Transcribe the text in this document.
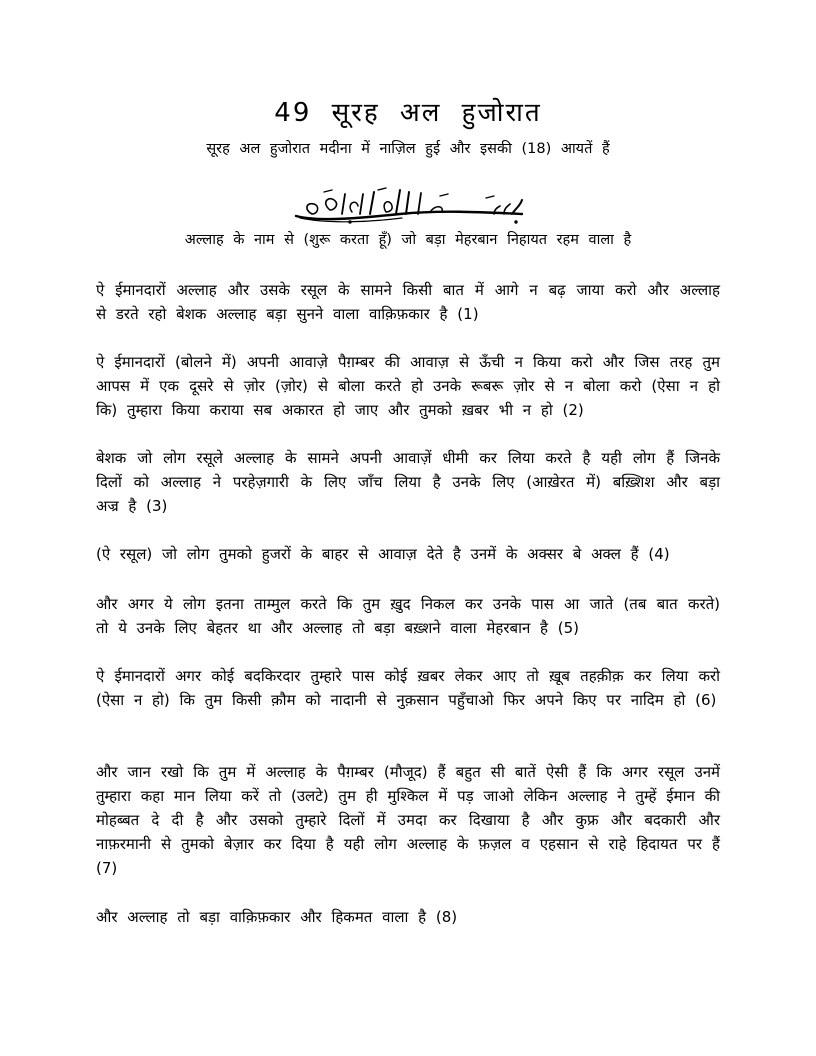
49 सूरह अल हुजोरात
सूरह अल हुजोरात मदीना में नाज़िल हुई और इसकी (18) आयतें हैं
अल्लाह के नाम से (शुरू करता हूँ) जो बड़ा मेहरबान निहायत रहम वाला है

ऐ ईमानदारों अल्लाह और उसके रसूल के सामने किसी बात में आगे न बढ़ जाया करो और अल्लाह से डरते रहो बेशक अल्लाह बड़ा सुनने वाला वाक़िफ़कार है (1)

ऐ ईमानदारों (बोलने में) अपनी आवाज़े पैग़म्बर की आवाज़ से ऊँची न किया करो और जिस तरह तुम आपस में एक दूसरे से ज़ोर (ज़ोर) से बोला करते हो उनके रूबरू ज़ोर से न बोला करो (ऐसा न हो कि) तुम्हारा किया कराया सब अकारत हो जाए और तुमको ख़बर भी न हो (2)

बेशक जो लोग रसूले अल्लाह के सामने अपनी आवाज़ें धीमी कर लिया करते है यही लोग हैं जिनके दिलों को अल्लाह ने परहेज़गारी के लिए जाँच लिया है उनके लिए (आख़ेरत में) बख़्शिश और बड़ा अज्र है (3)

(ऐ रसूल) जो लोग तुमको हुजरों के बाहर से आवाज़ देते है उनमें के अक्सर बे अक्ल हैं (4)

और अगर ये लोग इतना ताम्मुल करते कि तुम ख़ुद निकल कर उनके पास आ जाते (तब बात करते) तो ये उनके लिए बेहतर था और अल्लाह तो बड़ा बख़्शने वाला मेहरबान है (5)

ऐ ईमानदारों अगर कोई बदकिरदार तुम्हारे पास कोई ख़बर लेकर आए तो ख़ूब तहक़ीक़ कर लिया करो (ऐसा न हो) कि तुम किसी क़ौम को नादानी से नुक़सान पहुँचाओ फिर अपने किए पर नादिम हो (6)

और जान रखो कि तुम में अल्लाह के पैग़म्बर (मौजूद) हैं बहुत सी बातें ऐसी हैं कि अगर रसूल उनमें तुम्हारा कहा मान लिया करें तो (उलटे) तुम ही मुश्किल में पड़ जाओ लेकिन अल्लाह ने तुम्हें ईमान की मोहब्बत दे दी है और उसको तुम्हारे दिलों में उमदा कर दिखाया है और कुफ्र और बदकारी और नाफ़रमानी से तुमको बेज़ार कर दिया है यही लोग अल्लाह के फ़ज़ल व एहसान से राहे हिदायत पर हैं (7)

और अल्लाह तो बड़ा वाक़िफ़कार और हिकमत वाला है (8)
